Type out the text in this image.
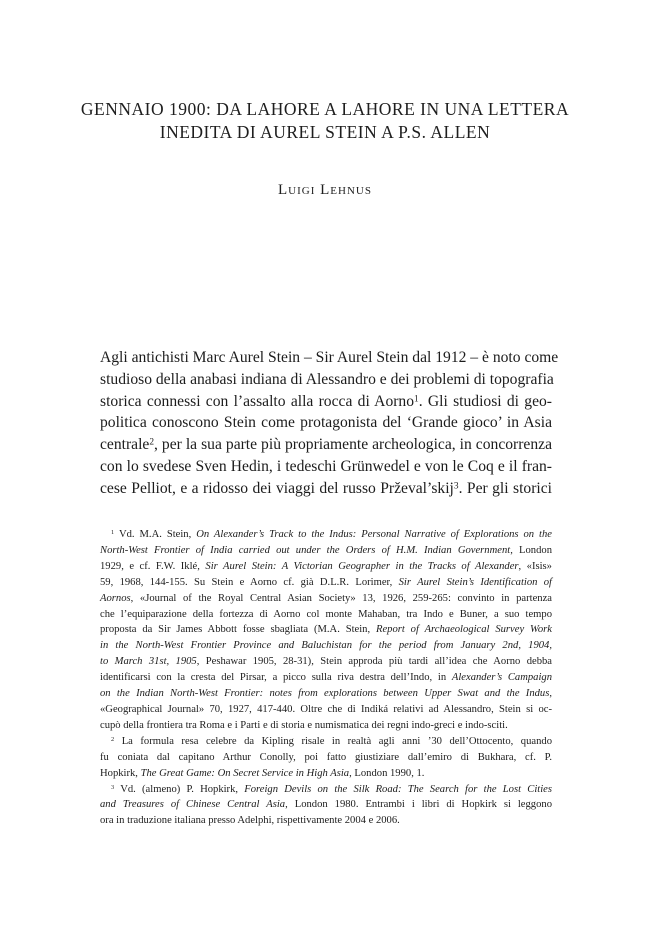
GENNAIO 1900: DA LAHORE A LAHORE IN UNA LETTERA
INEDITA DI AUREL STEIN A P.S. ALLEN
Luigi Lehnus
Agli antichisti Marc Aurel Stein – Sir Aurel Stein dal 1912 – è noto come
studioso della anabasi indiana di Alessandro e dei problemi di topografia
storica connessi con l’assalto alla rocca di Aorno$^1$. Gli studiosi di geo-
politica conoscono Stein come protagonista del ‘Grande gioco’ in Asia
centrale$^2$, per la sua parte più propriamente archeologica, in concorrenza
con lo svedese Sven Hedin, i tedeschi Grünwedel e von le Coq e il fran-
cese Pelliot, e a ridosso dei viaggi del russo Prževal’skij$^3$. Per gli storici
$^1$ Vd. M.A. Stein, On Alexander’s Track to the Indus: Personal Narrative of Explorations on the
North-West Frontier of India carried out under the Orders of H.M. Indian Government, London
1929, e cf. F.W. Iklé, Sir Aurel Stein: A Victorian Geographer in the Tracks of Alexander, «Isis»
59, 1968, 144-155. Su Stein e Aorno cf. già D.L.R. Lorimer, Sir Aurel Stein’s Identification of
Aornos, «Journal of the Royal Central Asian Society» 13, 1926, 259-265: convinto in partenza
che l’equiparazione della fortezza di Aorno col monte Mahaban, tra Indo e Buner, a suo tempo
proposta da Sir James Abbott fosse sbagliata (M.A. Stein, Report of Archaeological Survey Work
in the North-West Frontier Province and Baluchistan for the period from January 2nd, 1904,
to March 31st, 1905, Peshawar 1905, 28-31), Stein approda più tardi all’idea che Aorno debba
identificarsi con la cresta del Pirsar, a picco sulla riva destra dell’Indo, in Alexander’s Campaign
on the Indian North-West Frontier: notes from explorations between Upper Swat and the Indus,
«Geographical Journal» 70, 1927, 417-440. Oltre che di Indiká relativi ad Alessandro, Stein si oc-
cupò della frontiera tra Roma e i Parti e di storia e numismatica dei regni indo-greci e indo-sciti.
$^2$ La formula resa celebre da Kipling risale in realtà agli anni ’30 dell’Ottocento, quando
fu coniata dal capitano Arthur Conolly, poi fatto giustiziare dall’emiro di Bukhara, cf. P.
Hopkirk, The Great Game: On Secret Service in High Asia, London 1990, 1.
$^3$ Vd. (almeno) P. Hopkirk, Foreign Devils on the Silk Road: The Search for the Lost Cities
and Treasures of Chinese Central Asia, London 1980. Entrambi i libri di Hopkirk si leggono
ora in traduzione italiana presso Adelphi, rispettivamente 2004 e 2006.
